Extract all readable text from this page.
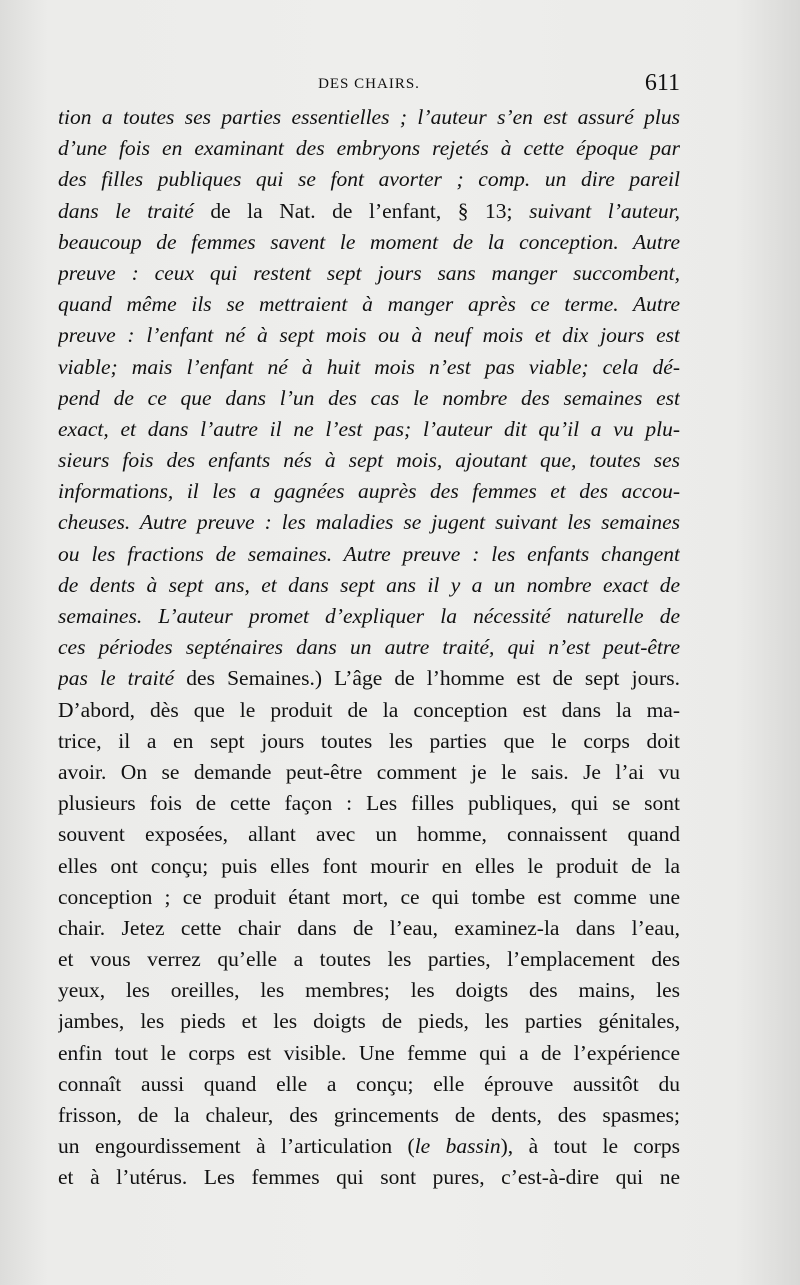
DES CHAIRS.	611
tion a toutes ses parties essentielles ; l’auteur s’en est assuré plus
d’une fois en examinant des embryons rejetés à cette époque par
des filles publiques qui se font avorter ; comp. un dire pareil
dans le traité de la Nat. de l’enfant, § 13; suivant l’auteur,
beaucoup de femmes savent le moment de la conception. Autre
preuve : ceux qui restent sept jours sans manger succombent,
quand même ils se mettraient à manger après ce terme. Autre
preuve : l’enfant né à sept mois ou à neuf mois et dix jours est
viable; mais l’enfant né à huit mois n’est pas viable; cela dé-
pend de ce que dans l’un des cas le nombre des semaines est
exact, et dans l’autre il ne l’est pas; l’auteur dit qu’il a vu plu-
sieurs fois des enfants nés à sept mois, ajoutant que, toutes ses
informations, il les a gagnées auprès des femmes et des accou-
cheuses. Autre preuve : les maladies se jugent suivant les semaines
ou les fractions de semaines. Autre preuve : les enfants changent
de dents à sept ans, et dans sept ans il y a un nombre exact de
semaines. L’auteur promet d’expliquer la nécessité naturelle de
ces périodes septénaires dans un autre traité, qui n’est peut-être
pas le traité des Semaines.) L’âge de l’homme est de sept jours.
D’abord, dès que le produit de la conception est dans la ma-
trice, il a en sept jours toutes les parties que le corps doit
avoir. On se demande peut-être comment je le sais. Je l’ai vu
plusieurs fois de cette façon : Les filles publiques, qui se sont
souvent exposées, allant avec un homme, connaissent quand
elles ont conçu; puis elles font mourir en elles le produit de la
conception ; ce produit étant mort, ce qui tombe est comme une
chair. Jetez cette chair dans de l’eau, examinez-la dans l’eau,
et vous verrez qu’elle a toutes les parties, l’emplacement des
yeux, les oreilles, les membres; les doigts des mains, les
jambes, les pieds et les doigts de pieds, les parties génitales,
enfin tout le corps est visible. Une femme qui a de l’expérience
connaît aussi quand elle a conçu; elle éprouve aussitôt du
frisson, de la chaleur, des grincements de dents, des spasmes;
un engourdissement à l’articulation (le bassin), à tout le corps
et à l’utérus. Les femmes qui sont pures, c’est-à-dire qui ne
